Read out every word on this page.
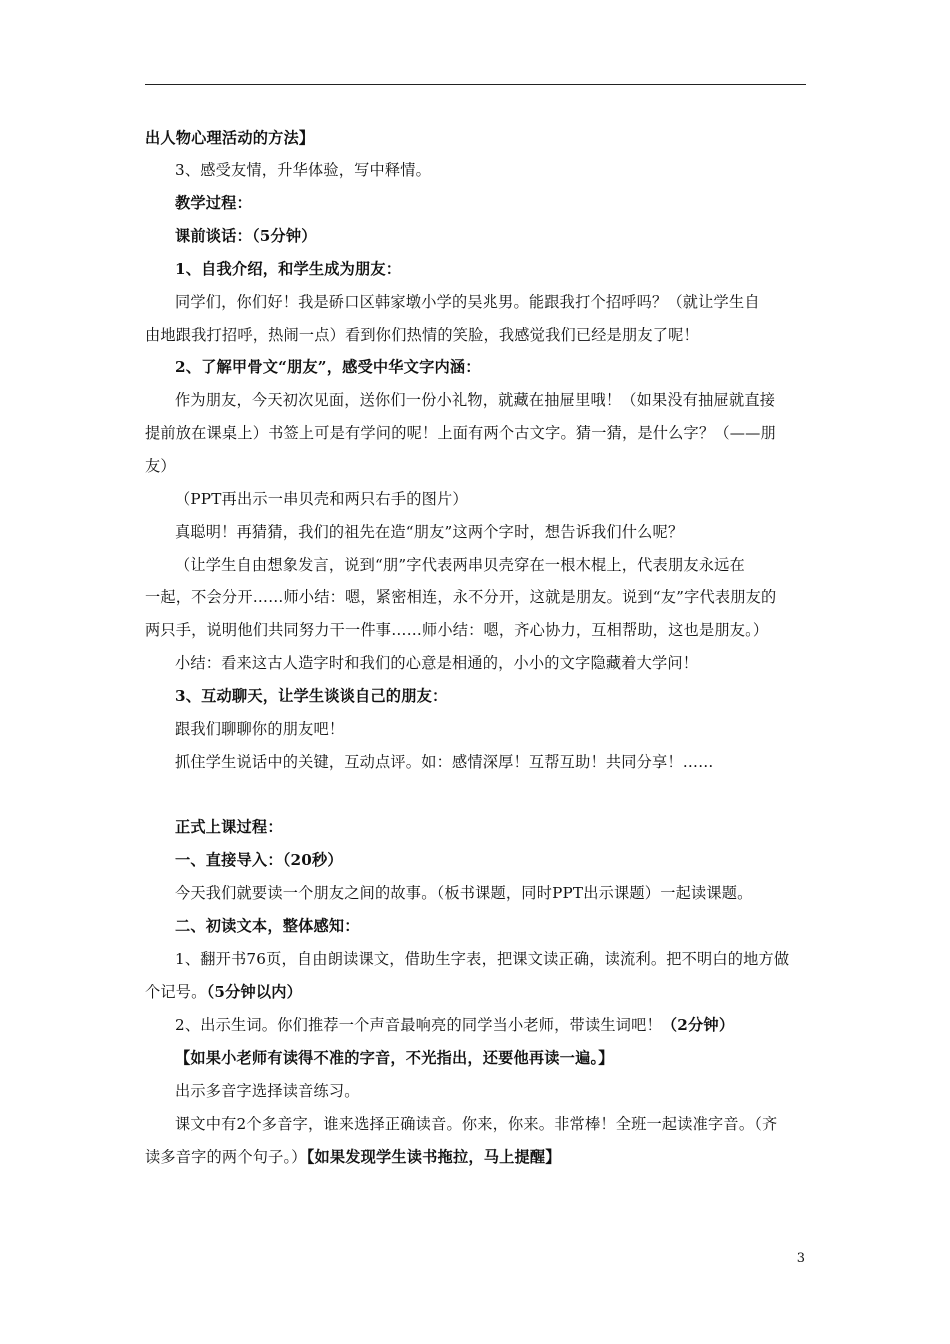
出人物心理活动的方法】
3、感受友情，升华体验，写中释情。
教学过程：
课前谈话：（5分钟）
1、自我介绍，和学生成为朋友：
同学们，你们好！我是硚口区韩家墩小学的吴兆男。能跟我打个招呼吗？（就让学生自
由地跟我打招呼，热闹一点）看到你们热情的笑脸，我感觉我们已经是朋友了呢！
2、了解甲骨文“朋友”，感受中华文字内涵：
作为朋友，今天初次见面，送你们一份小礼物，就藏在抽屉里哦！（如果没有抽屉就直接
提前放在课桌上）书签上可是有学问的呢！上面有两个古文字。猜一猜，是什么字？（——朋
友）
（PPT再出示一串贝壳和两只右手的图片）
真聪明！再猜猜，我们的祖先在造“朋友”这两个字时，想告诉我们什么呢？
（让学生自由想象发言，说到“朋”字代表两串贝壳穿在一根木棍上，代表朋友永远在
一起，不会分开……师小结：嗯，紧密相连，永不分开，这就是朋友。说到“友”字代表朋友的
两只手，说明他们共同努力干一件事……师小结：嗯，齐心协力，互相帮助，这也是朋友。）
小结：看来这古人造字时和我们的心意是相通的，小小的文字隐藏着大学问！
3、互动聊天，让学生谈谈自己的朋友：
跟我们聊聊你的朋友吧！
抓住学生说话中的关键，互动点评。如：感情深厚！互帮互助！共同分享！……
正式上课过程：
一、直接导入：（20秒）
今天我们就要读一个朋友之间的故事。（板书课题，同时PPT出示课题）一起读课题。
二、初读文本，整体感知：
1、翻开书76页，自由朗读课文，借助生字表，把课文读正确，读流利。把不明白的地方做
个记号。（5分钟以内）
2、出示生词。你们推荐一个声音最响亮的同学当小老师，带读生词吧！（2分钟）
【如果小老师有读得不准的字音，不光指出，还要他再读一遍。】
出示多音字选择读音练习。
课文中有2个多音字，谁来选择正确读音。你来，你来。非常棒！全班一起读准字音。（齐
读多音字的两个句子。）【如果发现学生读书拖拉，马上提醒】
3
